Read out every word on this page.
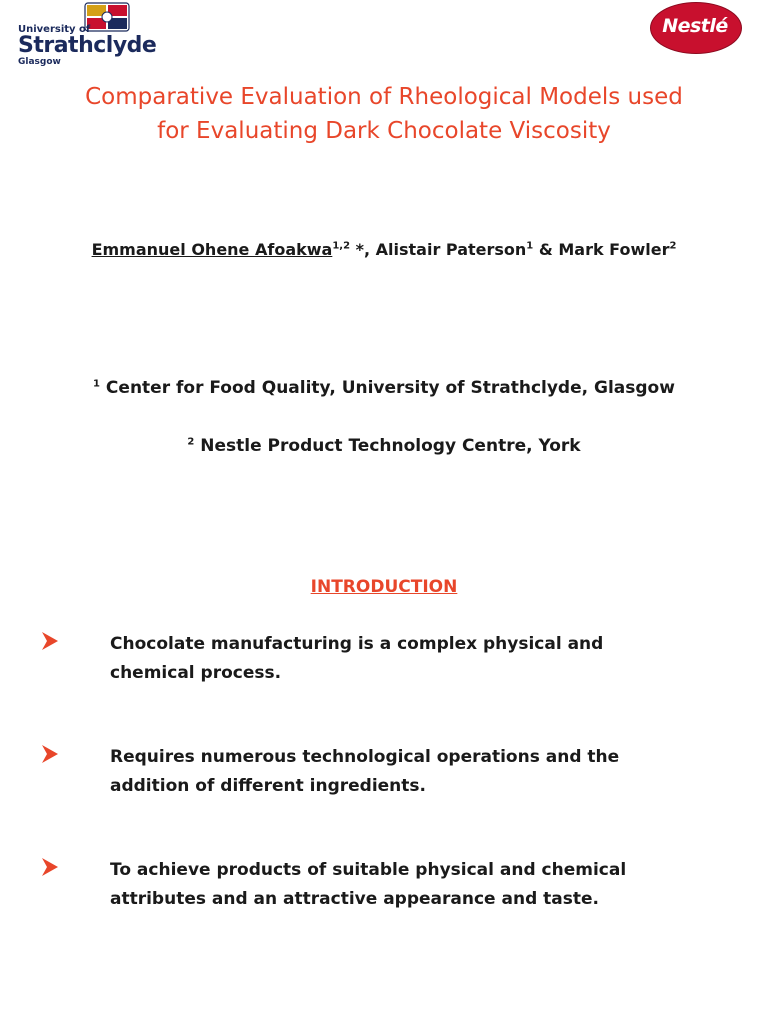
University of
Strathclyde
Glasgow
Nestlé
Comparative Evaluation of Rheological Models used
for Evaluating Dark Chocolate Viscosity
Emmanuel Ohene Afoakwa$^{1,2}$ *, Alistair Paterson$^1$ & Mark Fowler$^2$
$^1$ Center for Food Quality, University of Strathclyde, Glasgow
$^2$ Nestle Product Technology Centre, York
INTRODUCTION
Chocolate manufacturing is a complex physical and
chemical process.
Requires numerous technological operations and the
addition of different ingredients.
To achieve products of suitable physical and chemical
attributes and an attractive appearance and taste.
